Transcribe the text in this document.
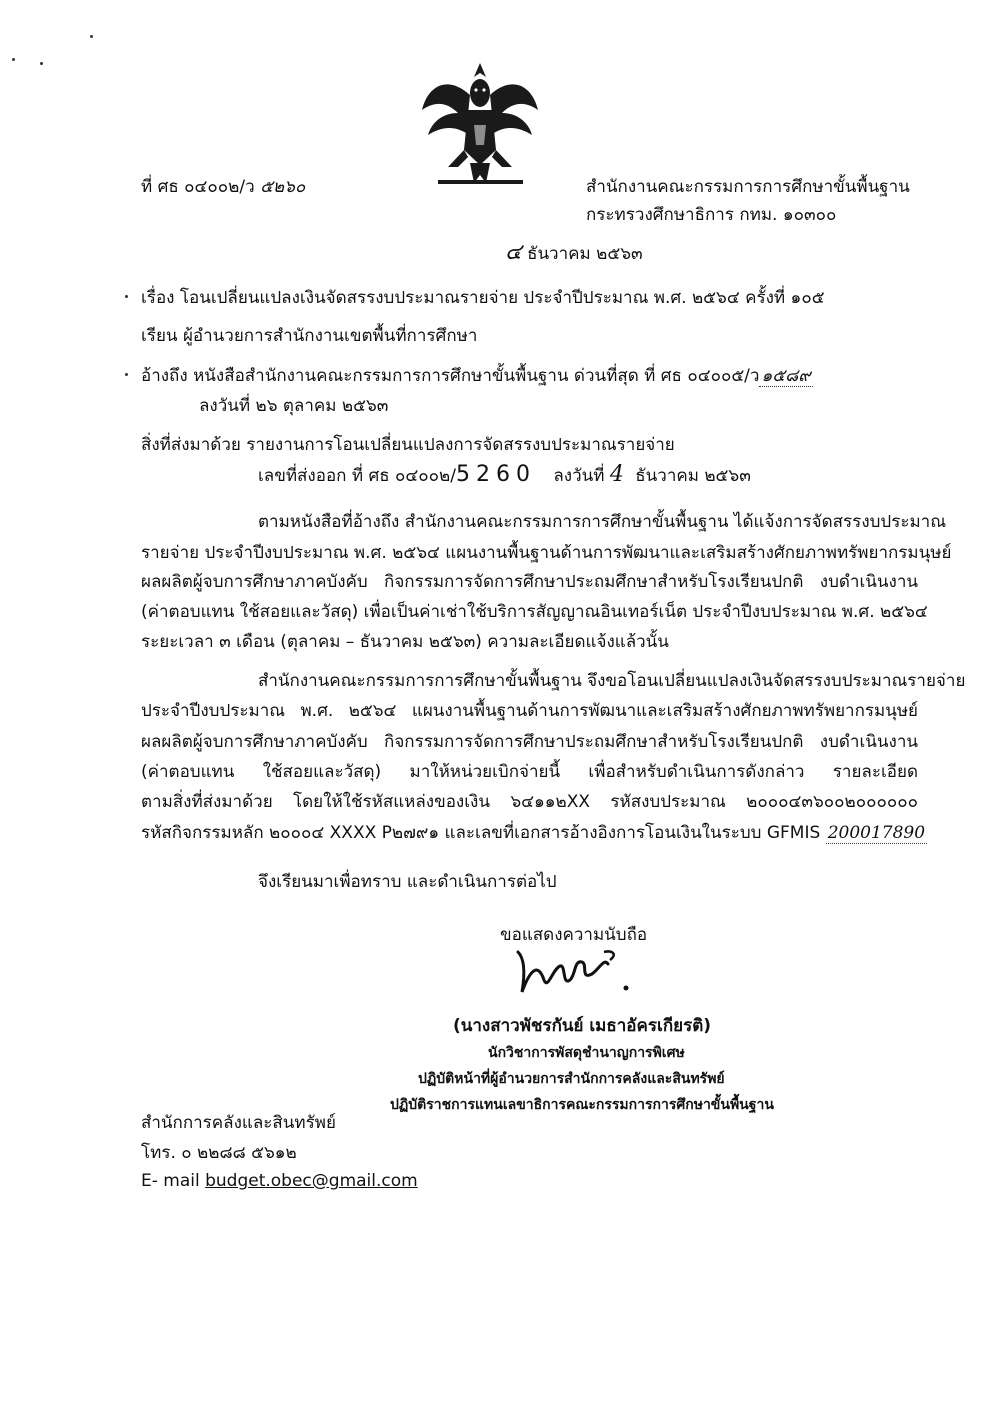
ที่ ศธ ๐๔๐๐๒/ว ๕๒๖๐	สำนักงานคณะกรรมการการศึกษาขั้นพื้นฐาน
กระทรวงศึกษาธิการ กทม. ๑๐๓๐๐
๔ ธันวาคม ๒๕๖๓
เรื่อง โอนเปลี่ยนแปลงเงินจัดสรรงบประมาณรายจ่าย ประจำปีประมาณ พ.ศ. ๒๕๖๔ ครั้งที่ ๑๐๕
เรียน ผู้อำนวยการสำนักงานเขตพื้นที่การศึกษา
อ้างถึง หนังสือสำนักงานคณะกรรมการการศึกษาขั้นพื้นฐาน ด่วนที่สุด ที่ ศธ ๐๔๐๐๕/ว ๑๕๘๙
ลงวันที่ ๒๖ ตุลาคม ๒๕๖๓
สิ่งที่ส่งมาด้วย รายงานการโอนเปลี่ยนแปลงการจัดสรรงบประมาณรายจ่าย
เลขที่ส่งออก ที่ ศธ ๐๔๐๐๒/5260 ลงวันที่ 4 ธันวาคม ๒๕๖๓
ตามหนังสือที่อ้างถึง สำนักงานคณะกรรมการการศึกษาขั้นพื้นฐาน ได้แจ้งการจัดสรรงบประมาณ
รายจ่าย ประจำปีงบประมาณ พ.ศ. ๒๕๖๔ แผนงานพื้นฐานด้านการพัฒนาและเสริมสร้างศักยภาพทรัพยากรมนุษย์
ผลผลิตผู้จบการศึกษาภาคบังคับ กิจกรรมการจัดการศึกษาประถมศึกษาสำหรับโรงเรียนปกติ งบดำเนินงาน
(ค่าตอบแทน ใช้สอยและวัสดุ) เพื่อเป็นค่าเช่าใช้บริการสัญญาณอินเทอร์เน็ต ประจำปีงบประมาณ พ.ศ. ๒๕๖๔
ระยะเวลา ๓ เดือน (ตุลาคม – ธันวาคม ๒๕๖๓) ความละเอียดแจ้งแล้วนั้น
สำนักงานคณะกรรมการการศึกษาขั้นพื้นฐาน จึงขอโอนเปลี่ยนแปลงเงินจัดสรรงบประมาณรายจ่าย
ประจำปีงบประมาณ พ.ศ. ๒๕๖๔ แผนงานพื้นฐานด้านการพัฒนาและเสริมสร้างศักยภาพทรัพยากรมนุษย์
ผลผลิตผู้จบการศึกษาภาคบังคับ กิจกรรมการจัดการศึกษาประถมศึกษาสำหรับโรงเรียนปกติ งบดำเนินงาน
(ค่าตอบแทน ใช้สอยและวัสดุ) มาให้หน่วยเบิกจ่ายนี้ เพื่อสำหรับดำเนินการดังกล่าว รายละเอียด
ตามสิ่งที่ส่งมาด้วย โดยให้ใช้รหัสแหล่งของเงิน ๖๔๑๑๒XX รหัสงบประมาณ ๒๐๐๐๔๓๖๐๐๒๐๐๐๐๐๐
รหัสกิจกรรมหลัก ๒๐๐๐๔ XXXX P๒๗๙๑ และเลขที่เอกสารอ้างอิงการโอนเงินในระบบ GFMIS 200017890
จึงเรียนมาเพื่อทราบ และดำเนินการต่อไป
ขอแสดงความนับถือ
(นางสาวพัชรกันย์ เมธาอัครเกียรติ)
นักวิชาการพัสดุชำนาญการพิเศษ
ปฏิบัติหน้าที่ผู้อำนวยการสำนักการคลังและสินทรัพย์
ปฏิบัติราชการแทนเลขาธิการคณะกรรมการการศึกษาขั้นพื้นฐาน
สำนักการคลังและสินทรัพย์
โทร. ๐ ๒๒๘๘ ๕๖๑๒
E- mail budget.obec@gmail.com
